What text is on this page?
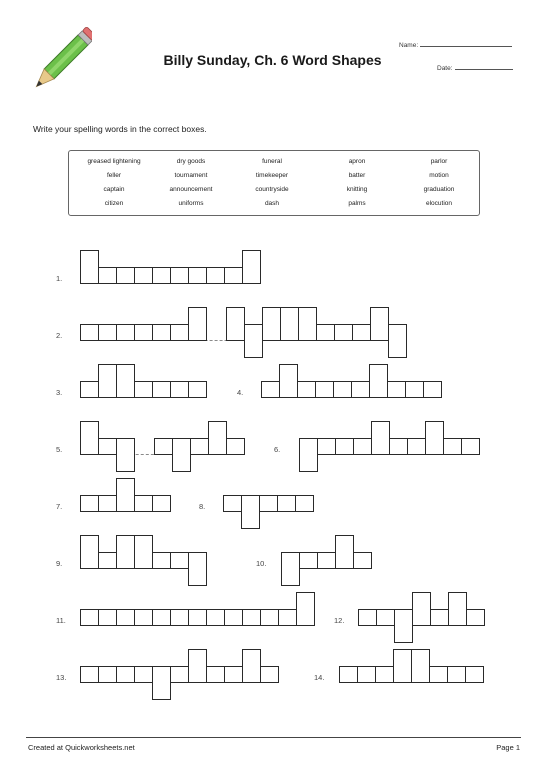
Billy Sunday, Ch. 6 Word Shapes
Name:
Date:
Write your spelling words in the correct boxes.
greased lightening	dry goods	funeral	apron	parlor
feller	tournament	timekeeper	batter	motion
captain	announcement	countryside	knitting	graduation
citizen	uniforms	dash	palms	elocution
1.
2.
3.	4.
5.	6.
7.	8.
9.	10.
11.	12.
13.	14.
Created at Quickworksheets.net	Page 1
